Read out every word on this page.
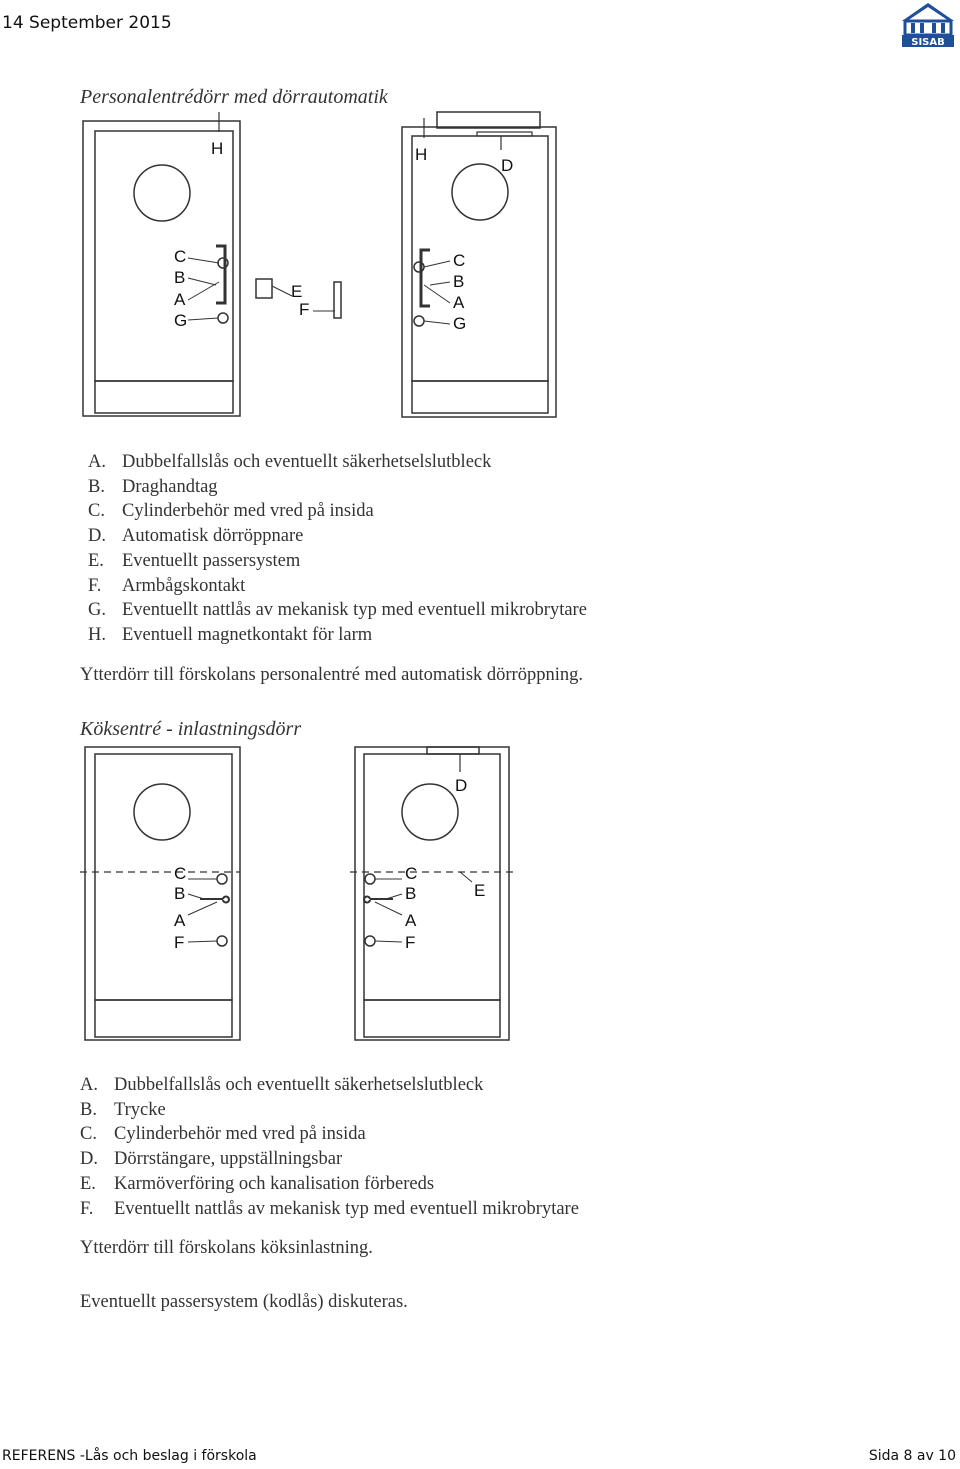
14 September 2015
SISAB
Personalentrédörr med dörrautomatik
H
C
B
A
G
E
F
H
D
C
B
A
G
A. Dubbelfallslås och eventuellt säkerhetselslutbleck
B. Draghandtag
C. Cylinderbehör med vred på insida
D. Automatisk dörröppnare
E. Eventuellt passersystem
F. Armbågskontakt
G. Eventuellt nattlås av mekanisk typ med eventuell mikrobrytare
H. Eventuell magnetkontakt för larm
Ytterdörr till förskolans personalentré med automatisk dörröppning.
Köksentré - inlastningsdörr
C
B
A
F
D
C
B
A
F
E
A. Dubbelfallslås och eventuellt säkerhetselslutbleck
B. Trycke
C. Cylinderbehör med vred på insida
D. Dörrstängare, uppställningsbar
E. Karmöverföring och kanalisation förbereds
F. Eventuellt nattlås av mekanisk typ med eventuell mikrobrytare
Ytterdörr till förskolans köksinlastning.
Eventuellt passersystem (kodlås) diskuteras.
REFERENS -Lås och beslag i förskola	Sida 8 av 10
